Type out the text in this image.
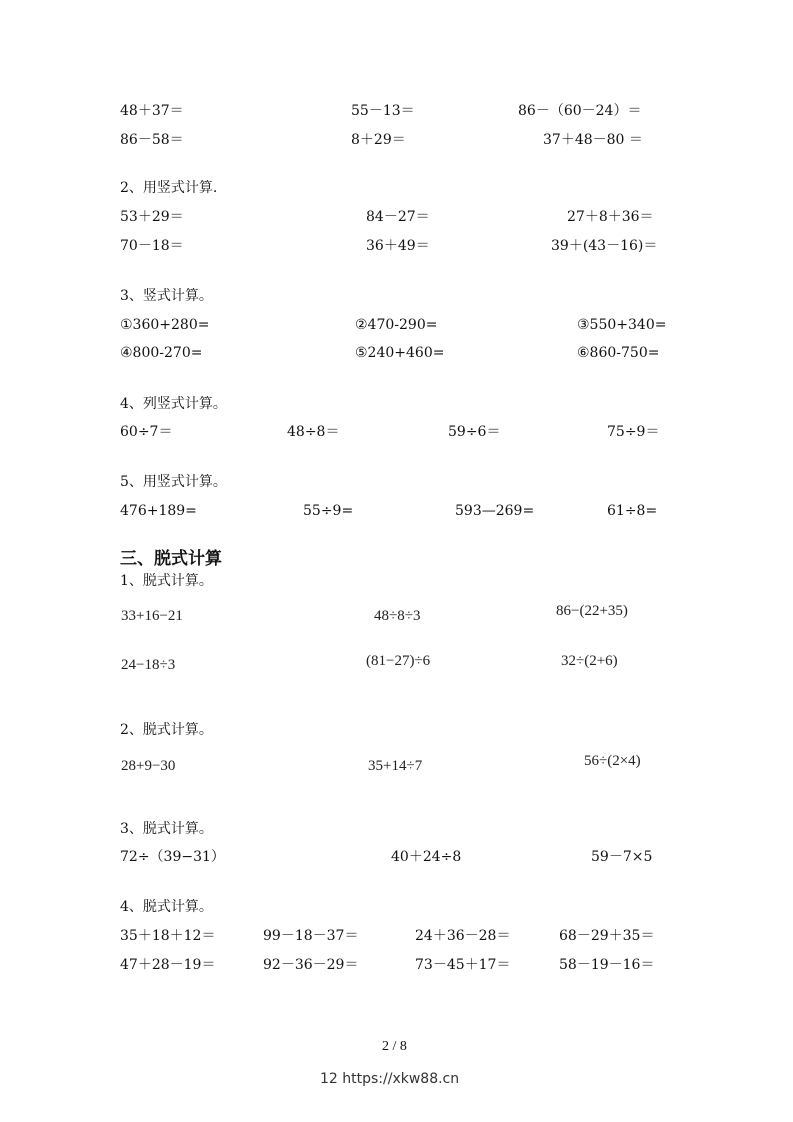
48＋37＝	55－13＝	86－（60－24）＝
86－58＝	8＋29＝	37＋48－80 ＝
2、用竖式计算.
53＋29＝	84－27＝	27＋8＋36＝
70－18＝	36＋49＝	39＋(43－16)＝
3、竖式计算。
①360+280=	②470-290=	③550+340=
④800-270=	⑤240+460=	⑥860-750=
4、列竖式计算。
60÷7＝	48÷8＝	59÷6＝	75÷9＝
5、用竖式计算。
476+189=	55÷9=	593—269=	61÷8=
三、脱式计算
1、脱式计算。
33+16−21	48÷8÷3	86−(22+35)
24−18÷3	(81−27)÷6	32÷(2+6)
2、脱式计算。
28+9−30	35+14÷7	56÷(2×4)
3、脱式计算。
72÷（39−31）	40＋24÷8	59－7×5
4、脱式计算。
35＋18＋12＝	99－18－37＝	24＋36－28＝	68－29＋35＝
47＋28－19＝	92－36－29＝	73－45＋17＝	58－19－16＝
2 / 8
12 https://xkw88.cn
